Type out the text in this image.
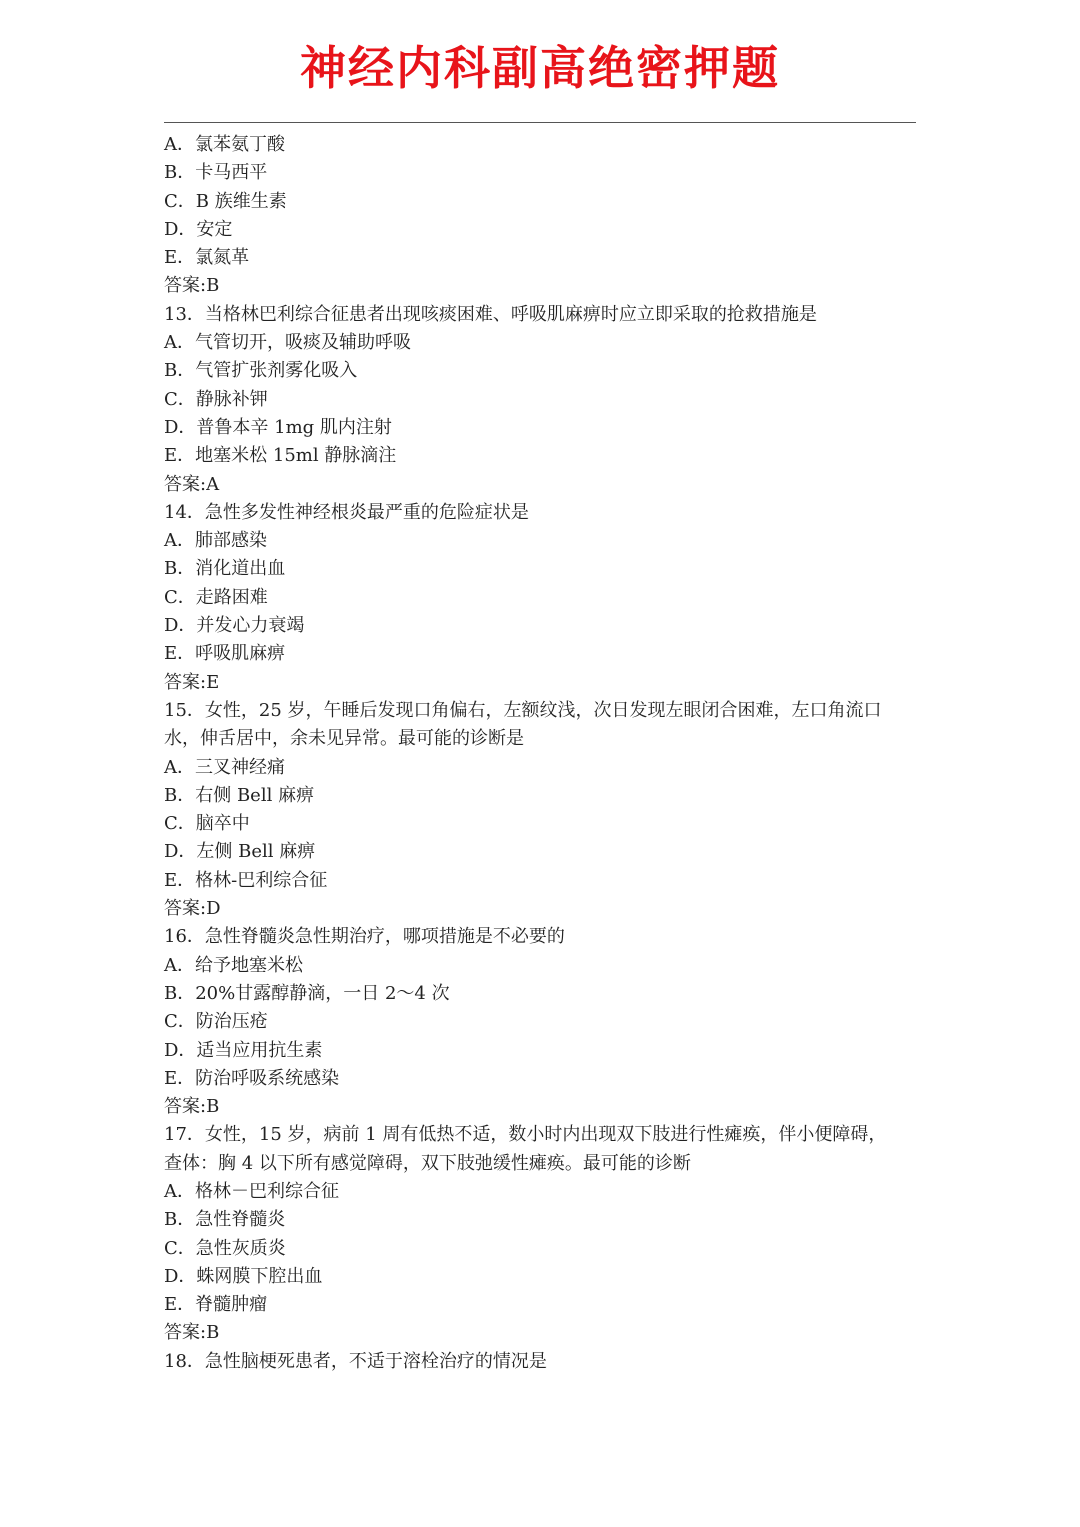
神经内科副高绝密押题
A．氯苯氨丁酸
B．卡马西平
C．B 族维生素
D．安定
E．氯氮革
答案:B
13．当格林巴利综合征患者出现咳痰困难、呼吸肌麻痹时应立即采取的抢救措施是
A．气管切开，吸痰及辅助呼吸
B．气管扩张剂雾化吸入
C．静脉补钾
D．普鲁本辛 1mg 肌内注射
E．地塞米松 15ml 静脉滴注
答案:A
14．急性多发性神经根炎最严重的危险症状是
A．肺部感染
B．消化道出血
C．走路困难
D．并发心力衰竭
E．呼吸肌麻痹
答案:E
15．女性，25 岁，午睡后发现口角偏右，左额纹浅，次日发现左眼闭合困难，左口角流口
水，伸舌居中，余未见异常。最可能的诊断是
A．三叉神经痛
B．右侧 Bell 麻痹
C．脑卒中
D．左侧 Bell 麻痹
E．格林-巴利综合征
答案:D
16．急性脊髓炎急性期治疗，哪项措施是不必要的
A．给予地塞米松
B．20%甘露醇静滴，一日 2～4 次
C．防治压疮
D．适当应用抗生素
E．防治呼吸系统感染
答案:B
17．女性，15 岁，病前 1 周有低热不适，数小时内出现双下肢进行性瘫痪，伴小便障碍，
查体：胸 4 以下所有感觉障碍，双下肢弛缓性瘫痪。最可能的诊断
A．格林－巴利综合征
B．急性脊髓炎
C．急性灰质炎
D．蛛网膜下腔出血
E．脊髓肿瘤
答案:B
18．急性脑梗死患者，不适于溶栓治疗的情况是
